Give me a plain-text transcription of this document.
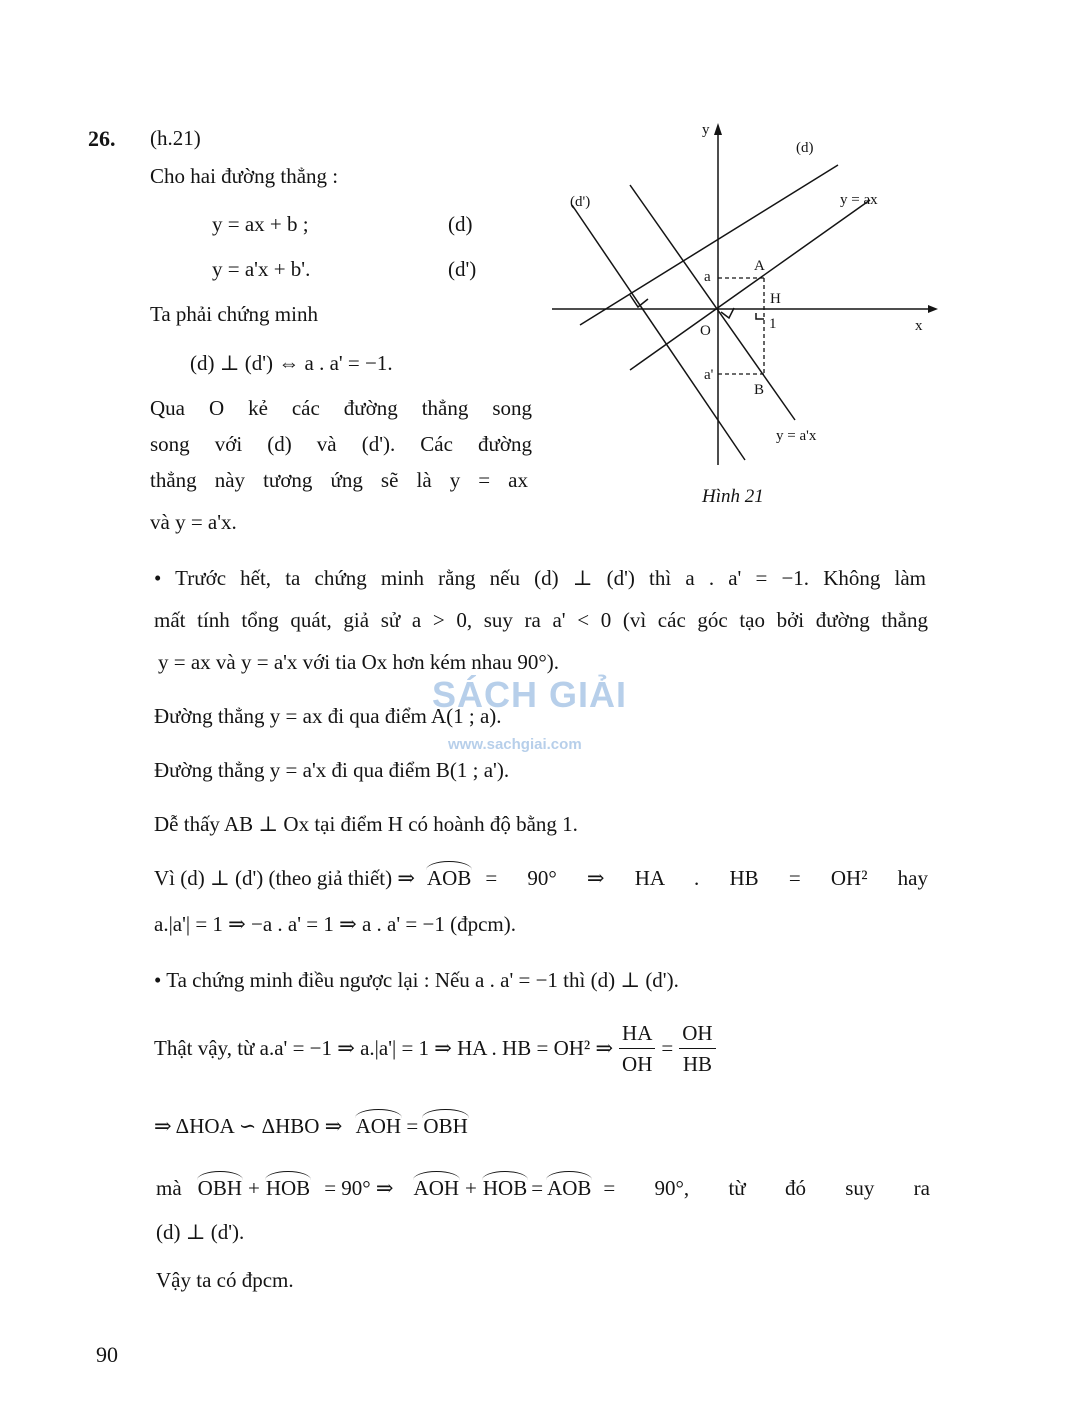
26. (h.21)
Cho hai đường thẳng :
y = ax + b ;	(d)
y = a'x + b'.	(d')
Ta phải chứng minh
(d) ⊥ (d') ⇔ a . a' = −1.
Qua O kẻ các đường thẳng song
song với (d) và (d'). Các đường
thẳng này tương ứng sẽ là y = ax
và y = a'x.
y
x
O
(d)
(d')	y = ax
y = a'x
A
B
H
1
a
a'
Hình 21
• Trước hết, ta chứng minh rằng nếu (d) ⊥ (d') thì a . a' = −1. Không làm
mất tính tổng quát, giả sử a > 0, suy ra a' < 0 (vì các góc tạo bởi đường thẳng
y = ax và y = a'x với tia Ox hơn kém nhau 90°).
Đường thẳng y = ax đi qua điểm A(1 ; a).
Đường thẳng y = a'x đi qua điểm B(1 ; a').
Dễ thấy AB ⊥ Ox tại điểm H có hoành độ bằng 1.
Vì (d) ⊥ (d') (theo giả thiết) ⇒ AOB = 90° ⇒ HA . HB = OH² hay
a.|a'| = 1 ⇒ −a . a' = 1 ⇒ a . a' = −1 (đpcm).
• Ta chứng minh điều ngược lại : Nếu a . a' = −1 thì (d) ⊥ (d').
Thật vậy, từ a.a' = −1 ⇒ a.|a'| = 1 ⇒ HA . HB = OH² ⇒ $\frac{HA}{OH} = \frac{OH}{HB}$
⇒ ΔHOA ∽ ΔHBO ⇒ AOH = OBH
mà OBH + HOB = 90° ⇒ AOH + HOB = AOB = 90°, từ đó suy ra
(d) ⊥ (d').
Vậy ta có đpcm.
SÁCH GIẢI
www.sachgiai.com
90
